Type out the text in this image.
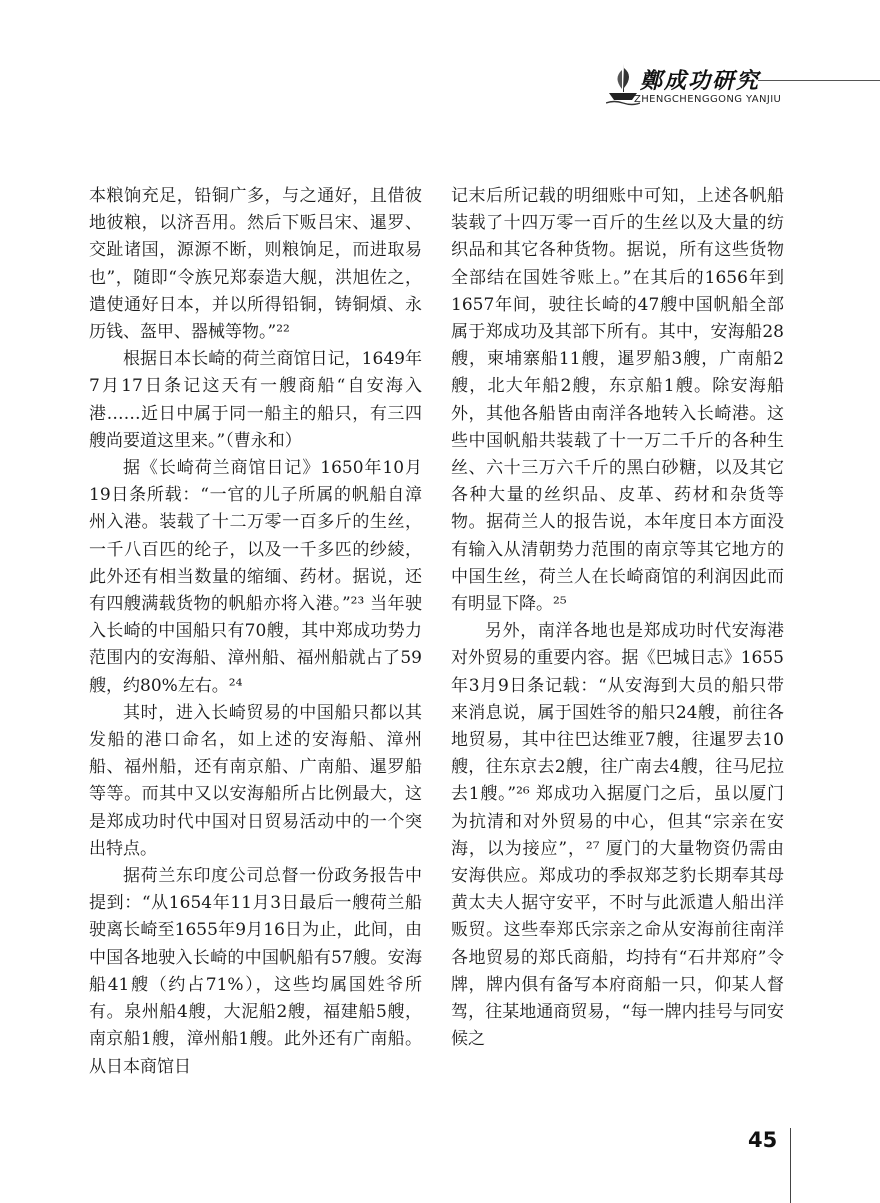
鄭成功研究
ZHENGCHENGGONG YANJIU

本粮饷充足，铅铜广多，与之通好，且借彼地彼粮，以济吾用。然后下贩吕宋、暹罗、交趾诸国，源源不断，则粮饷足，而进取易也”，随即“令族兄郑泰造大舰，洪旭佐之，遣使通好日本，并以所得铅铜，铸铜熕、永历钱、盔甲、器械等物。”²²

根据日本长崎的荷兰商馆日记，1649年7月17日条记这天有一艘商船“自安海入港……近日中属于同一船主的船只，有三四艘尚要道这里来。”（曹永和）

据《长崎荷兰商馆日记》1650年10月19日条所载：“一官的儿子所属的帆船自漳州入港。装载了十二万零一百多斤的生丝，一千八百匹的纶子，以及一千多匹的纱綾，此外还有相当数量的缩缅、药材。据说，还有四艘满载货物的帆船亦将入港。”²³ 当年驶入长崎的中国船只有70艘，其中郑成功势力范围内的安海船、漳州船、福州船就占了59艘，约80%左右。²⁴

其时，进入长崎贸易的中国船只都以其发船的港口命名，如上述的安海船、漳州船、福州船，还有南京船、广南船、暹罗船等等。而其中又以安海船所占比例最大，这是郑成功时代中国对日贸易活动中的一个突出特点。

据荷兰东印度公司总督一份政务报告中提到：“从1654年11月3日最后一艘荷兰船驶离长崎至1655年9月16日为止，此间，由中国各地驶入长崎的中国帆船有57艘。安海船41艘（约占71%），这些均属国姓爷所有。泉州船4艘，大泥船2艘，福建船5艘，南京船1艘，漳州船1艘。此外还有广南船。从日本商馆日

记末后所记载的明细账中可知，上述各帆船装载了十四万零一百斤的生丝以及大量的纺织品和其它各种货物。据说，所有这些货物全部结在国姓爷账上。”在其后的1656年到1657年间，驶往长崎的47艘中国帆船全部属于郑成功及其部下所有。其中，安海船28艘，柬埔寨船11艘，暹罗船3艘，广南船2艘，北大年船2艘，东京船1艘。除安海船外，其他各船皆由南洋各地转入长崎港。这些中国帆船共装载了十一万二千斤的各种生丝、六十三万六千斤的黑白砂糖，以及其它各种大量的丝织品、皮革、药材和杂货等物。据荷兰人的报告说，本年度日本方面没有输入从清朝势力范围的南京等其它地方的中国生丝，荷兰人在长崎商馆的利润因此而有明显下降。²⁵

另外，南洋各地也是郑成功时代安海港对外贸易的重要内容。据《巴城日志》1655年3月9日条记载：“从安海到大员的船只带来消息说，属于国姓爷的船只24艘，前往各地贸易，其中往巴达维亚7艘，往暹罗去10艘，往东京去2艘，往广南去4艘，往马尼拉去1艘。”²⁶ 郑成功入据厦门之后，虽以厦门为抗清和对外贸易的中心，但其“宗亲在安海，以为接应”，²⁷ 厦门的大量物资仍需由安海供应。郑成功的季叔郑芝豹长期奉其母黄太夫人据守安平，不时与此派遣人船出洋贩贸。这些奉郑氏宗亲之命从安海前往南洋各地贸易的郑氏商船，均持有“石井郑府”令牌，牌内俱有备写本府商船一只，仰某人督驾，往某地通商贸易，“每一牌内挂号与同安候之

45
